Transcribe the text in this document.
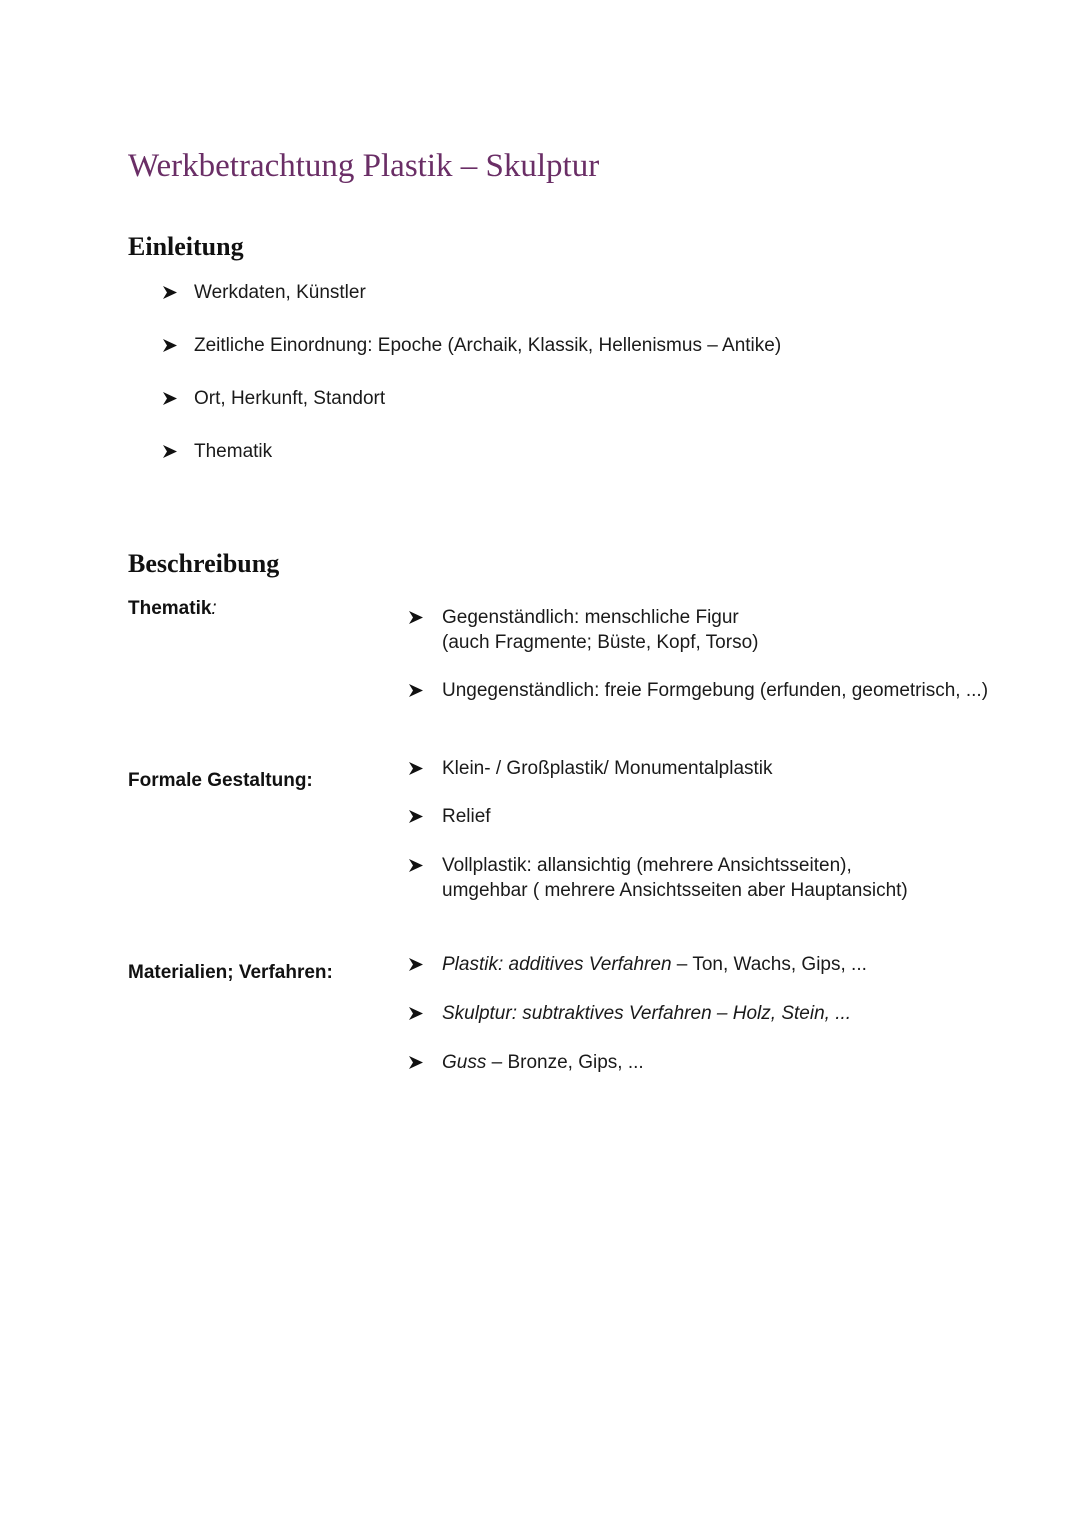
Werkbetrachtung Plastik – Skulptur
Einleitung
Werkdaten, Künstler
Zeitliche Einordnung: Epoche (Archaik, Klassik, Hellenismus – Antike)
Ort, Herkunft, Standort
Thematik
Beschreibung
Thematik:	Gegenständlich: menschliche Figur
(auch Fragmente; Büste, Kopf, Torso)
Ungegenständlich: freie Formgebung (erfunden, geometrisch, ...)
Formale Gestaltung:
Klein- / Großplastik/ Monumentalplastik
Relief
Vollplastik: allansichtig (mehrere Ansichtsseiten),
umgehbar ( mehrere Ansichtsseiten aber Hauptansicht)
Materialien; Verfahren:	Plastik: additives Verfahren – Ton, Wachs, Gips, ...
Skulptur: subtraktives Verfahren – Holz, Stein, ...
Guss – Bronze, Gips, ...
